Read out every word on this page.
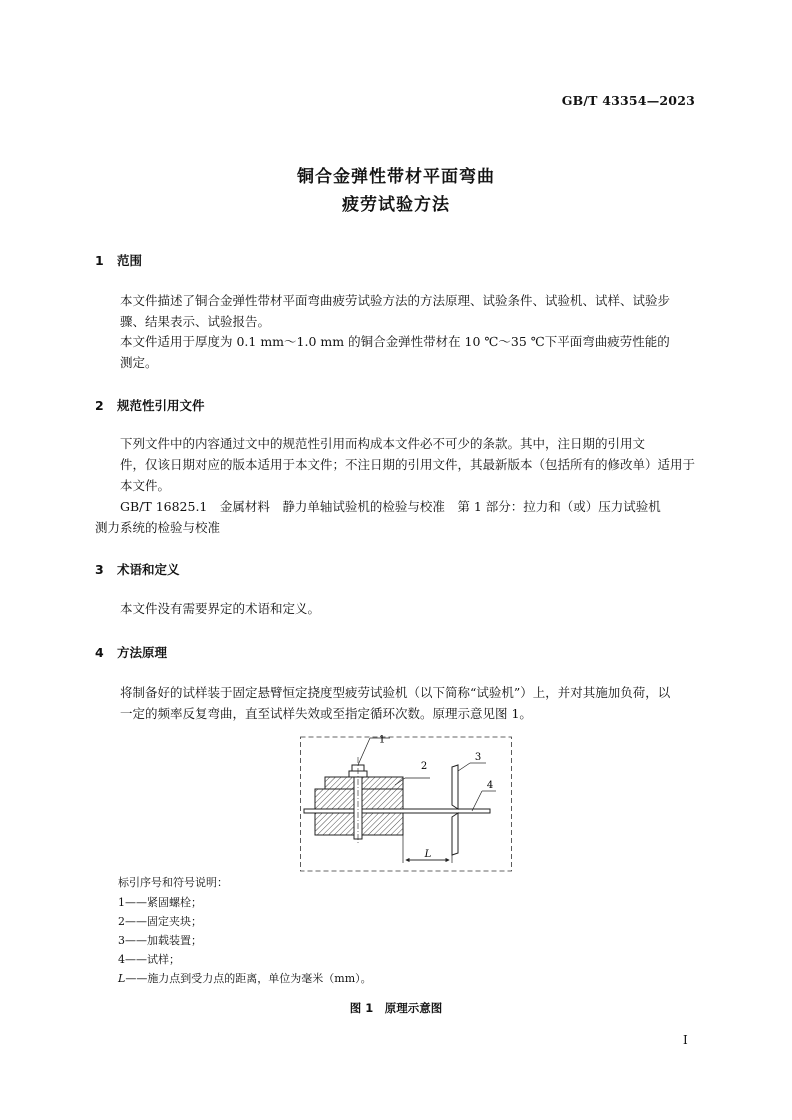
GB/T 43354—2023
铜合金弹性带材平面弯曲
疲劳试验方法
1 范围
本文件描述了铜合金弹性带材平面弯曲疲劳试验方法的方法原理、试验条件、试验机、试样、试验步
骤、结果表示、试验报告。
本文件适用于厚度为 0.1 mm～1.0 mm 的铜合金弹性带材在 10 ℃～35 ℃下平面弯曲疲劳性能的
测定。
2 规范性引用文件
下列文件中的内容通过文中的规范性引用而构成本文件必不可少的条款。其中，注日期的引用文
件，仅该日期对应的版本适用于本文件；不注日期的引用文件，其最新版本（包括所有的修改单）适用于
本文件。
GB/T 16825.1　金属材料　静力单轴试验机的检验与校准　第 1 部分：拉力和（或）压力试验机
测力系统的检验与校准
3 术语和定义
本文件没有需要界定的术语和定义。
4 方法原理
将制备好的试样装于固定悬臂恒定挠度型疲劳试验机（以下简称“试验机”）上，并对其施加负荷，以
一定的频率反复弯曲，直至试样失效或至指定循环次数。原理示意见图 1。
1
2
3
4
L
标引序号和符号说明：
1——紧固螺栓；
2——固定夹块；
3——加载装置；
4——试样；
L——施力点到受力点的距离，单位为毫米（mm）。
图 1　原理示意图
I
